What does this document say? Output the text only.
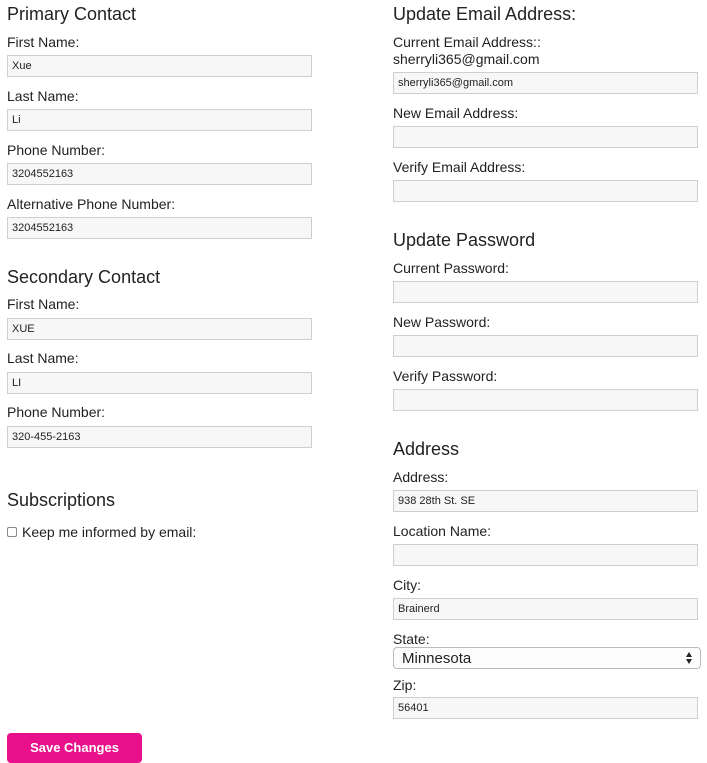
Primary Contact
First Name:
Xue
Last Name:
Li
Phone Number:
3204552163
Alternative Phone Number:
3204552163
Secondary Contact
First Name:
XUE
Last Name:
LI
Phone Number:
320-455-2163
Subscriptions
Keep me informed by email:
Update Email Address:
Current Email Address::
sherryli365@gmail.com
sherryli365@gmail.com
New Email Address:
Verify Email Address:
Update Password
Current Password:
New Password:
Verify Password:
Address
Address:
938 28th St. SE
Location Name:
City:
Brainerd
State:
Minnesota
Zip:
56401
Save Changes
